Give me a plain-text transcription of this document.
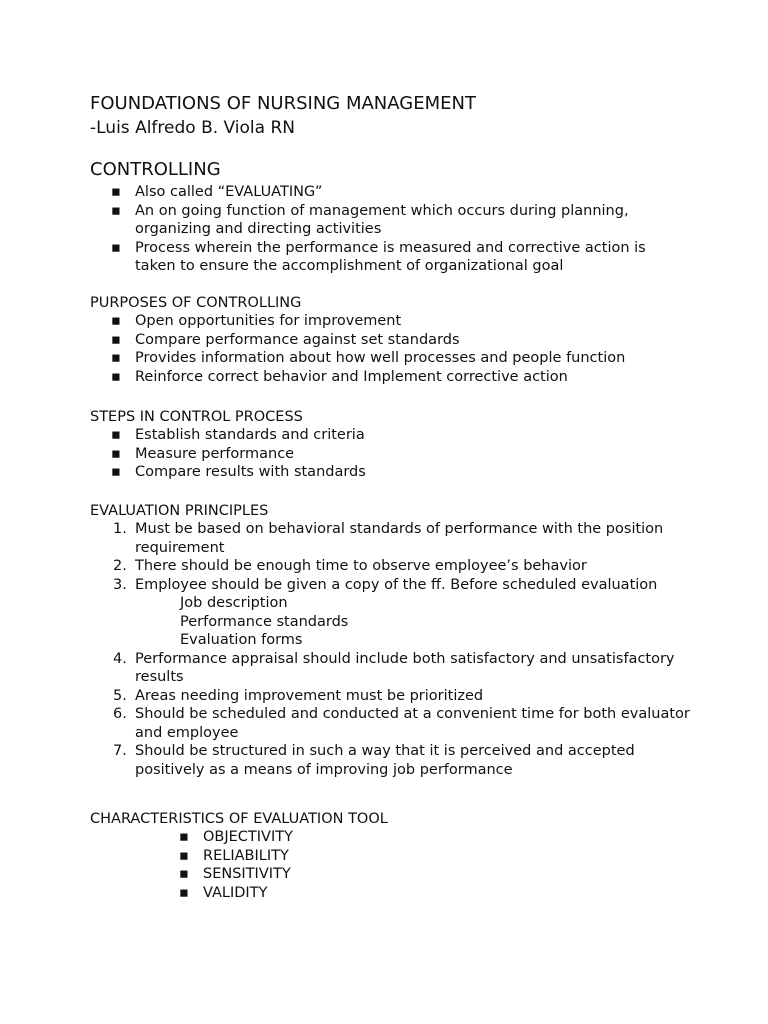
FOUNDATIONS OF NURSING MANAGEMENT
-Luis Alfredo B. Viola RN
CONTROLLING
▪ Also called “EVALUATING”
▪ An on going function of management which occurs during planning, organizing and directing activities
▪ Process wherein the performance is measured and corrective action is taken to ensure the accomplishment of organizational goal
PURPOSES OF CONTROLLING
▪ Open opportunities for improvement
▪ Compare performance against set standards
▪ Provides information about how well processes and people function
▪ Reinforce correct behavior and Implement corrective action
STEPS IN CONTROL PROCESS
▪ Establish standards and criteria
▪ Measure performance
▪ Compare results with standards
EVALUATION PRINCIPLES
1. Must be based on behavioral standards of performance with the position requirement
2. There should be enough time to observe employee’s behavior
3. Employee should be given a copy of the ff. Before scheduled evaluation
Job description
Performance standards
Evaluation forms
4. Performance appraisal should include both satisfactory and unsatisfactory results
5. Areas needing improvement must be prioritized
6. Should be scheduled and conducted at a convenient time for both evaluator and employee
7. Should be structured in such a way that it is perceived and accepted positively as a means of improving job performance
CHARACTERISTICS OF EVALUATION TOOL
▪ OBJECTIVITY
▪ RELIABILITY
▪ SENSITIVITY
▪ VALIDITY
